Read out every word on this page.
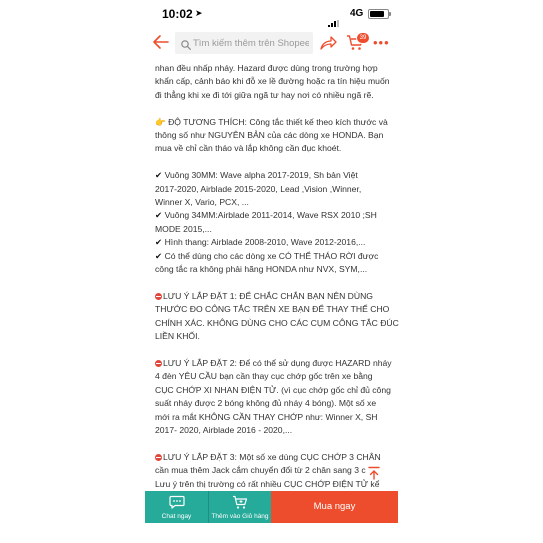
10:02 ➤	4G
Tìm kiếm thêm trên Shopee
39 •••

nhan đều nhấp nháy. Hazard được dùng trong trường hợp
khẩn cấp, cảnh báo khi đỗ xe lề đường hoặc ra tín hiệu muốn
đi thẳng khi xe đi tới giữa ngã tư hay nơi có nhiều ngã rẽ.

👉 ĐỘ TƯƠNG THÍCH: Công tắc thiết kế theo kích thước và
thông số như NGUYÊN BẢN của các dòng xe HONDA. Bạn
mua về chỉ cần tháo và lắp không cần đục khoét.

✔ Vuông 30MM: Wave alpha 2017-2019, Sh bản Việt
2017-2020, Airblade 2015-2020, Lead ,Vision ,Winner,
Winner X, Vario, PCX, ...
✔ Vuông 34MM:Airblade 2011-2014, Wave RSX 2010 ;SH
MODE 2015,...
✔ Hình thang: Airblade 2008-2010, Wave 2012-2016,...
✔ Có thể dùng cho các dòng xe CÓ THỂ THÁO RỜI được
công tắc ra không phải hãng HONDA như NVX, SYM,...

LƯU Ý LẮP ĐẶT 1: ĐỂ CHẮC CHẮN BẠN NÊN DÙNG
THƯỚC ĐO CÔNG TẮC TRÊN XE BẠN ĐỂ THAY THẾ CHO
CHÍNH XÁC. KHÔNG DÙNG CHO CÁC CỤM CÔNG TẮC ĐÚC
LIỀN KHỐI.

LƯU Ý LẮP ĐẶT 2: Để có thể sử dụng được HAZARD nháy
4 đèn YÊU CẦU bạn cần thay cục chớp gốc trên xe bằng
CỤC CHỚP XI NHAN ĐIỆN TỬ. (vì cục chớp gốc chỉ đủ công
suất nháy được 2 bóng không đủ nháy 4 bóng). Một số xe
mới ra mắt KHÔNG CẦN THAY CHỚP như: Winner X, SH
2017- 2020, Airblade 2016 - 2020,...

LƯU Ý LẮP ĐẶT 3: Một số xe dùng CỤC CHỚP 3 CHÂN
cần mua thêm Jack cắm chuyển đổi từ 2 chân sang 3 c
Lưu ý trên thị trường có rất nhiều CỤC CHỚP ĐIỆN TỬ kể

Chat ngay	Thêm vào Giỏ hàng
Mua ngay
